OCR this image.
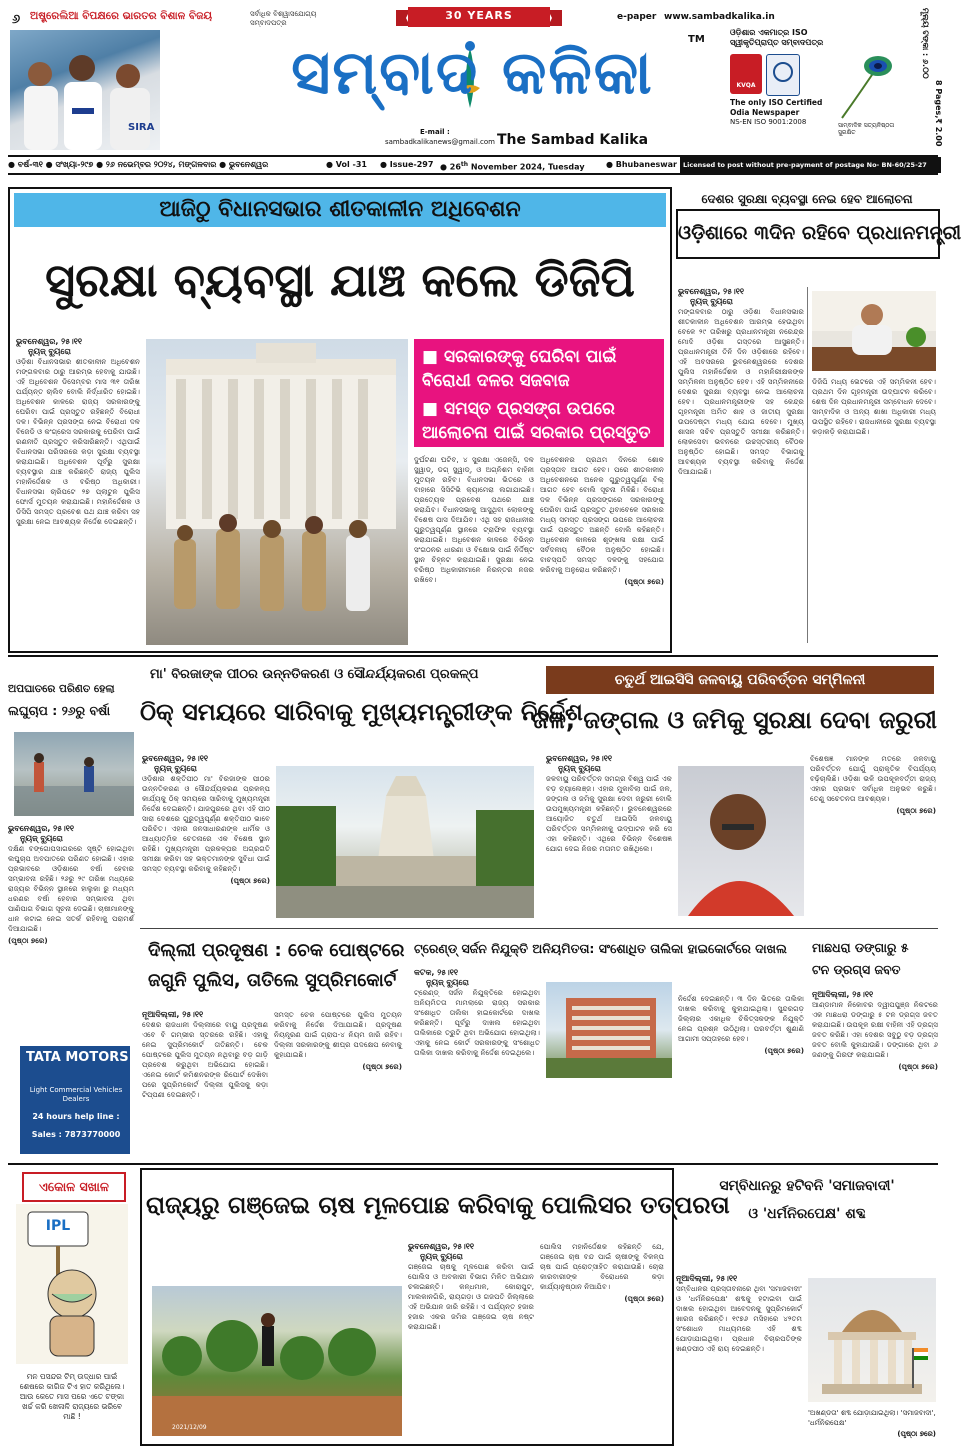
୬ ଅଷ୍ଟ୍ରେଲିଆ ବିପକ୍ଷରେ ଭାରତର ବିଶାଳ ବିଜୟ
SIRA
30 YEARS
ସର୍ବାଧିକ ବିଶ୍ୱାସଯୋଗ୍ୟ ସମ୍ବାଦପତ୍ର
ସମ୍ବାଦ କଳିକା	TM
E-mail :
sambadkalikanews@gmail.com The Sambad Kalika
e-paper www.sambadkalika.in
ଓଡ଼ିଶାର ଏକମାତ୍ର ISO ସ୍ୱୀକୃତିପ୍ରାପ୍ତ ସମ୍ବାଦପତ୍ର
KVQA
The only ISO Certified
Odia Newspaper
NS-EN ISO 9001:2008	ସାମ୍ବାଦିକ ସତ୍ୟନିଷ୍ଠତା ସୁରକ୍ଷିତ
ମୂଲ୍ୟ ଟଙ୍କା : ୬.୦୦
8 Pages,₹ 2.00
● ବର୍ଷ-୩୧ ● ସଂଖ୍ୟା-୨୯୭ ● ୨୬ ନଭେମ୍ବର ୨୦୨୪, ମଙ୍ଗଳବାର ● ଭୁବନେଶ୍ୱର	● Vol -31 ● Issue-297 ● 26th November 2024, Tuesday	● Bhubaneswar Licensed to post without pre-payment of postage No- BN-60/25-27
ଆଜିଠୁ ବିଧାନସଭାର ଶୀତକାଳୀନ ଅଧିବେଶନ
ସୁରକ୍ଷା ବ୍ୟବସ୍ଥା ଯାଞ୍ଚ କଲେ ଡିଜିପି
ଭୁବନେଶ୍ୱର, ୨୫।୧୧
ନ୍ୟୁଜ୍ ବ୍ୟୁରୋ

ଓଡ଼ିଶା ବିଧାନସଭାର ଶୀତକାଳୀନ ଅଧିବେଶନ ମଙ୍ଗଳବାର ଠାରୁ ଆରମ୍ଭ ହେବାକୁ ଯାଉଛି। ଏହି ଅଧିବେଶନ ଡିସେମ୍ବର ମାସ ୩୧ ତାରିଖ ପର୍ଯ୍ୟନ୍ତ ଚାଲିବ ବୋଲି ନିର୍ଦ୍ଧାରିତ ହୋଇଛି। ଅଧିବେଶନ କାଳରେ ରାଜ୍ୟ ସରକାରଙ୍କୁ ଘେରିବା ପାଇଁ ପ୍ରସ୍ତୁତ ରହିଛନ୍ତି ବିରୋଧୀ ଦଳ। ବିଭିନ୍ନ ପ୍ରସଙ୍ଗ ନେଇ ବିରୋଧୀ ଦଳ ବିଜେଡି ଓ କଂଗ୍ରେସ ସରକାରକୁ ଘେରିବା ପାଇଁ ରଣନୀତି ପ୍ରସ୍ତୁତ କରିସାରିଛନ୍ତି। ଏଥିପାଇଁ ବିଧାନସଭା ପରିସରରେ କଡ଼ା ସୁରକ୍ଷା ବ୍ୟବସ୍ଥା କରାଯାଇଛି। ଅଧିବେଶନ ପୂର୍ବରୁ ସୁରକ୍ଷା ବ୍ୟବସ୍ଥାର ଯାଞ୍ଚ କରିଛନ୍ତି ରାଜ୍ୟ ପୁଲିସ ମହାନିର୍ଦ୍ଦେଶକ ଓ ବରିଷ୍ଠ ଅଧିକାରୀ। ବିଧାନସଭା ଚାରିପଟେ ୨୭ ପ୍ଲାଟୁନ ପୁଲିସ ଫୋର୍ସ ମୁତୟନ କରାଯାଇଛି। ମହାନିର୍ଦ୍ଦେଶକ ଓ ଡିସିପି ସମସ୍ତ ପ୍ରବେଶ ପଥ ଯାଞ୍ଚ କରିବା ସହ ସୁରକ୍ଷା ନେଇ ଆବଶ୍ୟକ ନିର୍ଦ୍ଦେଶ ଦେଇଛନ୍ତି।

■ ସରକାରଙ୍କୁ ଘେରିବା ପାଇଁ ବିରୋଧୀ ଦଳର ସଜବାଜ
■ ସମସ୍ତ ପ୍ରସଙ୍ଗ ଉପରେ ଆଲୋଚନା ପାଇଁ ସରକାର ପ୍ରସ୍ତୁତ

ଦୁର୍ଘଟଣା ଘଟିବ, ୪ ସୁରକ୍ଷା ଏଜେନ୍ସି, ଦଳ ସ୍କ୍ୱାଡ୍, ଡଗ୍ ସ୍କ୍ୱାଡ୍, ଓ ଅଗ୍ନିଶମ ବାହିନୀ ମୁତୟନ ରହିବ। ବିଧାନସଭା ଭିତରେ ଓ ବାହାରେ ସିସିଟିଭି କ୍ୟାମେରା ଲଗାଯାଇଛି। ପ୍ରତ୍ୟେକ ପ୍ରବେଶ ପଥରେ ଯାଞ୍ଚ କରାଯିବ। ବିଧାନସଭାକୁ ଆସୁଥିବା ଲୋକଙ୍କୁ ବିଶେଷ ପାସ ଦିଆଯିବ। ଏଥି ସହ ରାଜଧାନୀର ଗୁରୁତ୍ୱପୂର୍ଣ୍ଣ ସ୍ଥାନରେ ଟ୍ରାଫିକ ବ୍ୟବସ୍ଥା କରାଯାଇଛି। ଅଧିବେଶନ କାଳରେ ବିଭିନ୍ନ ସଂଗଠନର ଧାରଣା ଓ ବିକ୍ଷୋଭ ପାଇଁ ନିର୍ଦ୍ଦିଷ୍ଟ ସ୍ଥାନ ଚିହ୍ନଟ କରାଯାଇଛି। ସୁରକ୍ଷା ନେଇ ବରିଷ୍ଠ ଅଧିକାରୀମାନେ ନିରନ୍ତର ନଜର ରଖିବେ।

ଅଧିବେଶନର ପ୍ରଥମ ଦିନରେ ଶୋକ ପ୍ରସ୍ତାବ ଆଗତ ହେବ। ପରେ ଶୀତକାଳୀନ ଅଧିବେଶନରେ ଅନେକ ଗୁରୁତ୍ୱପୂର୍ଣ୍ଣ ବିଲ୍ ଆଗତ ହେବ ବୋଲି ସୂଚନା ମିଳିଛି। ବିରୋଧୀ ଦଳ ବିଭିନ୍ନ ପ୍ରସଙ୍ଗରେ ସରକାରଙ୍କୁ ଘେରିବା ପାଇଁ ପ୍ରସ୍ତୁତ ଥିବାବେଳେ ସରକାର ମଧ୍ୟ ସମସ୍ତ ପ୍ରସଙ୍ଗ ଉପରେ ଆଲୋଚନା ପାଇଁ ପ୍ରସ୍ତୁତ ଅଛନ୍ତି ବୋଲି କହିଛନ୍ତି। ଅଧିବେଶନ କାଳରେ ଶୃଙ୍ଖଳା ରକ୍ଷା ପାଇଁ ସର୍ବଦଳୀୟ ବୈଠକ ଅନୁଷ୍ଠିତ ହୋଇଛି। ବାଚସ୍ପତି ସମସ୍ତ ଦଳଙ୍କୁ ସହଯୋଗ କରିବାକୁ ଅନୁରୋଧ କରିଛନ୍ତି।

(ପୃଷ୍ଠା ୭ରେ)
ଦେଶର ସୁରକ୍ଷା ବ୍ୟବସ୍ଥା ନେଇ ହେବ ଆଲୋଚନା
ଓଡ଼ିଶାରେ ୩ଦିନ ରହିବେ ପ୍ରଧାନମନ୍ତ୍ରୀ
ଭୁବନେଶ୍ୱର, ୨୫।୧୧
ନ୍ୟୁଜ୍ ବ୍ୟୁରୋ

ମଙ୍ଗଳବାର ଠାରୁ ଓଡ଼ିଶା ବିଧାନସଭାର ଶୀତକାଳୀନ ଅଧିବେଶନ ଆରମ୍ଭ ହେଉଥିବା ବେଳେ ୨୯ ତାରିଖରୁ ପ୍ରଧାନମନ୍ତ୍ରୀ ନରେନ୍ଦ୍ର ମୋଦି ଓଡ଼ିଶା ଗସ୍ତରେ ଆସୁଛନ୍ତି। ପ୍ରଧାନମନ୍ତ୍ରୀ ତିନି ଦିନ ଓଡ଼ିଶାରେ ରହିବେ। ଏହି ଅବସରରେ ଭୁବନେଶ୍ୱରରେ ଦେଶର ପୁଲିସ ମହାନିର୍ଦ୍ଦେଶକ ଓ ମହାନିରୀକ୍ଷକଙ୍କ ସମ୍ମିଳନୀ ଅନୁଷ୍ଠିତ ହେବ। ଏହି ସମ୍ମିଳନୀରେ ଦେଶର ସୁରକ୍ଷା ବ୍ୟବସ୍ଥା ନେଇ ଆଲୋଚନା ହେବ। ପ୍ରଧାନମନ୍ତ୍ରୀଙ୍କ ସହ କେନ୍ଦ୍ର ଗୃହମନ୍ତ୍ରୀ ଅମିତ ଶାହ ଓ ଜାତୀୟ ସୁରକ୍ଷା ଉପଦେଷ୍ଟା ମଧ୍ୟ ଯୋଗ ଦେବେ। ମୁଖ୍ୟ ଶାସନ ସଚିବ ପ୍ରସ୍ତୁତି ସମୀକ୍ଷା କରିଛନ୍ତି। ଲୋକସେବା ଭବନରେ ଉଚ୍ଚସ୍ତରୀୟ ବୈଠକ ଅନୁଷ୍ଠିତ ହୋଇଛି। ସମସ୍ତ ବିଭାଗକୁ ଆବଶ୍ୟକ ବ୍ୟବସ୍ଥା କରିବାକୁ ନିର୍ଦ୍ଦେଶ ଦିଆଯାଇଛି।

ଡିଜିପି ମଧ୍ୟ ଭେଟରେ ଏହି ସମ୍ମିଳନୀ ହେବ। ପ୍ରଥମ ଦିନ ଗୃହମନ୍ତ୍ରୀ ଉଦ୍‌ଘାଟନ କରିବେ। ଶେଷ ଦିନ ପ୍ରଧାନମନ୍ତ୍ରୀ ସମ୍ବୋଧନ ଦେବେ। ସାମ୍ବାଦିକ ଓ ଅନ୍ୟ ଶାଖା ଅଧିକାରୀ ମଧ୍ୟ ଉପସ୍ଥିତ ରହିବେ। ରାଜଧାନୀରେ ସୁରକ୍ଷା ବ୍ୟବସ୍ଥା କଡ଼ାକଡ଼ି କରାଯାଇଛି।

ଅପଘାତରେ ପରିଣତ ହେଲା
ଲଘୁଚାପ : ୨୬ରୁ ବର୍ଷା
ଭୁବନେଶ୍ୱର, ୨୫।୧୧
ନ୍ୟୁଜ୍ ବ୍ୟୁରୋ

ଦକ୍ଷିଣ ବଙ୍ଗୋପସାଗରରେ ସୃଷ୍ଟି ହୋଇଥିବା ଲଘୁଚାପ ଅବପାତରେ ପରିଣତ ହୋଇଛି। ଏହାର ପ୍ରଭାବରେ ଓଡ଼ିଶାରେ ବର୍ଷା ହେବାର ସମ୍ଭାବନା ରହିଛି। ୨୬ରୁ ୨୯ ତାରିଖ ମଧ୍ୟରେ ରାଜ୍ୟର ବିଭିନ୍ନ ସ୍ଥାନରେ ହାଲୁକା ରୁ ମଧ୍ୟମ ଧରଣର ବର୍ଷା ହେବାର ସମ୍ଭାବନା ଥିବା ପାଣିପାଗ ବିଭାଗ ସୂଚନା ଦେଇଛି। ଚାଷୀମାନଙ୍କୁ ଧାନ କଟାଇ ନେଇ ସତର୍କ ରହିବାକୁ ପରାମର୍ଶ ଦିଆଯାଇଛି।

(ପୃଷ୍ଠା ୭ରେ)
TATA MOTORS
Light Commercial Vehicles Dealers
24 hours help line :
Sales : 7873770000
ମା' ବିରଜାଙ୍କ ପୀଠର ଉନ୍ନତିକରଣ ଓ ସୌନ୍ଦର୍ଯ୍ୟକରଣ ପ୍ରକଳ୍ପ
ଠିକ୍ ସମୟରେ ସାରିବାକୁ ମୁଖ୍ୟମନ୍ତ୍ରୀଙ୍କ ନିର୍ଦ୍ଦେଶ
ଭୁବନେଶ୍ୱର, ୨୫।୧୧
ନ୍ୟୁଜ୍ ବ୍ୟୁରୋ

ଓଡ଼ିଶାର ଶକ୍ତିପୀଠ ମା' ବିରଜାଙ୍କ ପୀଠର ଉନ୍ନତିକରଣ ଓ ସୌନ୍ଦର୍ଯ୍ୟକରଣ ପ୍ରକଳ୍ପ କାର୍ଯ୍ୟକୁ ଠିକ୍ ସମୟରେ ସାରିବାକୁ ମୁଖ୍ୟମନ୍ତ୍ରୀ ନିର୍ଦ୍ଦେଶ ଦେଇଛନ୍ତି। ଯାଜପୁରରେ ଥିବା ଏହି ପୀଠ ସାରା ଦେଶରେ ଗୁରୁତ୍ୱପୂର୍ଣ୍ଣ ଶକ୍ତିପୀଠ ଭାବେ ପରିଚିତ। ଏହାର ଜନସାଧାରଣଙ୍କ ଧାର୍ମିକ ଓ ଆଧ୍ୟାତ୍ମିକ ଚେତନାରେ ଏକ ବିଶେଷ ସ୍ଥାନ ରହିଛି। ମୁଖ୍ୟମନ୍ତ୍ରୀ ପ୍ରକଳ୍ପର ଅଗ୍ରଗତି ସମୀକ୍ଷା କରିବା ସହ ଭକ୍ତମାନଙ୍କ ସୁବିଧା ପାଇଁ ସମସ୍ତ ବ୍ୟବସ୍ଥା କରିବାକୁ କହିଛନ୍ତି।

(ପୃଷ୍ଠା ୭ରେ)
ଚତୁର୍ଥ ଆଇସିସି ଜଳବାୟୁ ପରିବର୍ତ୍ତନ ସମ୍ମିଳନୀ
ଜଳ, ଜଙ୍ଗଲ ଓ ଜମିକୁ ସୁରକ୍ଷା ଦେବା ଜରୁରୀ
ଭୁବନେଶ୍ୱର, ୨୫।୧୧
ନ୍ୟୁଜ୍ ବ୍ୟୁରୋ

ଜଳବାୟୁ ପରିବର୍ତ୍ତନ ସମଗ୍ର ବିଶ୍ୱ ପାଇଁ ଏକ ବଡ଼ ଚ୍ୟାଲେଞ୍ଜ। ଏହାର ମୁକାବିଲା ପାଇଁ ଜଳ, ଜଙ୍ଗଲ ଓ ଜମିକୁ ସୁରକ୍ଷା ଦେବା ଜରୁରୀ ବୋଲି ଉପମୁଖ୍ୟମନ୍ତ୍ରୀ କହିଛନ୍ତି। ଭୁବନେଶ୍ୱରରେ ଆୟୋଜିତ ଚତୁର୍ଥ ଆଇସିସି ଜଳବାୟୁ ପରିବର୍ତ୍ତନ ସମ୍ମିଳନୀକୁ ଉଦ୍‌ଘାଟନ କରି ସେ ଏହା କହିଛନ୍ତି। ଏଥିରେ ବିଭିନ୍ନ ବିଶେଷଜ୍ଞ ଯୋଗ ଦେଇ ନିଜର ମତାମତ ରଖିଥିଲେ।

ବିଶେଷଜ୍ଞ ମାନଙ୍କ ମତରେ ଜଳବାୟୁ ପରିବର୍ତ୍ତନ ଯୋଗୁଁ ପ୍ରାକୃତିକ ବିପର୍ଯ୍ୟୟ ବଢ଼ିଚାଲିଛି। ଓଡ଼ିଶା ଭଳି ଉପକୂଳବର୍ତ୍ତୀ ରାଜ୍ୟ ଏହାର ପ୍ରଭାବ ସର୍ବାଧିକ ଅନୁଭବ କରୁଛି। ତେଣୁ ସଚେତନତା ଆବଶ୍ୟକ।

(ପୃଷ୍ଠା ୭ରେ)
ଦିଲ୍ଲୀ ପ୍ରଦୂଷଣ : ଚେକ ପୋଷ୍ଟରେ
ଜଗୁନି ପୁଲିସ, ତାତିଲେ ସୁପ୍ରିମକୋର୍ଟ
ନୂଆଦିଲ୍ଲୀ, ୨୫।୧୧

ଦେଶର ରାଜଧାନୀ ଦିଲ୍ଲୀରେ ବାୟୁ ପ୍ରଦୂଷଣ ଏବେ ବି ଗମ୍ଭୀର ସ୍ତରରେ ରହିଛି। ଏହାକୁ ନେଇ ସୁପ୍ରିମକୋର୍ଟ ତାତିଛନ୍ତି। ଚେକ ପୋଷ୍ଟରେ ପୁଲିସ ମୁତୟନ ନଥିବାରୁ ବଡ଼ ଗାଡ଼ି ପ୍ରବେଶ କରୁଥିବା ଅଭିଯୋଗ ହୋଇଛି। ଏନେଇ କୋର୍ଟ କମିଶନରଙ୍କ ରିପୋର୍ଟ ଦେଖିବା ପରେ ସୁପ୍ରିମକୋର୍ଟ ଦିଲ୍ଲୀ ପୁଲିସକୁ କଡ଼ା ଟିପ୍ପଣୀ ଦେଇଛନ୍ତି।

ସମସ୍ତ ଚେକ ପୋଷ୍ଟରେ ପୁଲିସ ମୁତୟନ କରିବାକୁ ନିର୍ଦ୍ଦେଶ ଦିଆଯାଇଛି। ପ୍ରଦୂଷଣ ନିୟନ୍ତ୍ରଣ ପାଇଁ ଗ୍ରାପ-୪ ନିୟମ ଜାରି ରହିବ। ଦିଲ୍ଲୀ ସରକାରଙ୍କୁ ଶୀଘ୍ର ପଦକ୍ଷେପ ନେବାକୁ କୁହାଯାଇଛି।

(ପୃଷ୍ଠା ୭ରେ)
ଟ୍ରେଣ୍ଡ୍ ସର୍ଜନ ନିଯୁକ୍ତି ଅନିୟମିତତା: ସଂଶୋଧିତ ତାଲିକା ହାଇକୋର୍ଟରେ ଦାଖଲ
କଟକ, ୨୫।୧୧
ନ୍ୟୁଜ୍ ବ୍ୟୁରୋ

ଟ୍ରେଣ୍ଡ୍ ସର୍ଜନ ନିଯୁକ୍ତିରେ ହୋଇଥିବା ଅନିୟମିତତା ମାମଲାରେ ରାଜ୍ୟ ସରକାର ସଂଶୋଧିତ ତାଲିକା ହାଇକୋର୍ଟରେ ଦାଖଲ କରିଛନ୍ତି। ପୂର୍ବରୁ ଦାଖଲ ହୋଇଥିବା ତାଲିକାରେ ତ୍ରୁଟି ଥିବା ଅଭିଯୋଗ ହୋଇଥିଲା। ଏହାକୁ ନେଇ କୋର୍ଟ ସରକାରଙ୍କୁ ସଂଶୋଧିତ ତାଲିକା ଦାଖଲ କରିବାକୁ ନିର୍ଦ୍ଦେଶ ଦେଇଥିଲେ।

ନିର୍ଦ୍ଦେଶ ଦେଇଛନ୍ତି। ୩ ଦିନ ଭିତରେ ତାଲିକା ଦାଖଲ କରିବାକୁ କୁହାଯାଇଥିଲା। ସୁନ୍ଦରଗଡ଼ ଜିଲ୍ଲାର ଏକାଧିକ ଚିକିତ୍ସକଙ୍କ ନିଯୁକ୍ତି ନେଇ ପ୍ରଶ୍ନ ଉଠିଥିଲା। ପରବର୍ତ୍ତୀ ଶୁଣାଣି ଆଗାମୀ ସପ୍ତାହରେ ହେବ।

(ପୃଷ୍ଠା ୭ରେ)
ମାଛଧରା ଡଙ୍ଗାରୁ ୫
ଟନ ଡ୍ରଗ୍ସ ଜବତ
ନୂଆଦିଲ୍ଲୀ, ୨୫।୧୧

ଆଣ୍ଡାମାନ ନିକୋବର ଦ୍ୱୀପପୁଞ୍ଜ ନିକଟରେ ଏକ ମାଛଧରା ଡଙ୍ଗାରୁ ୫ ଟନ ଡ୍ରଗ୍ସ ଜବତ କରାଯାଇଛି। ଉପକୂଳ ରକ୍ଷୀ ବାହିନୀ ଏହି ଡ୍ରଗ୍ସ ଜବତ କରିଛି। ଏହା ଦେଶର ସବୁଠୁ ବଡ଼ ଡ୍ରଗ୍ସ ଜବତ ବୋଲି କୁହାଯାଉଛି। ଡଙ୍ଗାରେ ଥିବା ୬ ଜଣଙ୍କୁ ଗିରଫ କରାଯାଇଛି।

(ପୃଷ୍ଠା ୭ରେ)
ଏକୋଳ ସଖାଳ
IPL
ମନ ପସନ୍ଦର ଟିମ୍ ଉଦ୍ଧାର ପାଇଁ ଶେଷରେ କାଗିଜ ଟିଏ ହାତ କରିଥିଲେ। ଆଉ କେତେ ମାସ ପରେ ଏତେ ଟଙ୍କା ଖର୍ଚ୍ଚ କରି ଖେଳାଳି ରାଜ୍ୟରେ ଭରିବେ ମାଛି !
ରାଜ୍ୟରୁ ଗଞ୍ଜେଇ ଚାଷ ମୂଳପୋଛ କରିବାକୁ ପୋଲିସର ତତ୍ପରତା
2021/12/09
ଭୁବନେଶ୍ୱର, ୨୫।୧୧
ନ୍ୟୁଜ୍ ବ୍ୟୁରୋ

ଗଞ୍ଜେଇ ଚାଷକୁ ମୂଳପୋଛ କରିବା ପାଇଁ ପୋଲିସ ଓ ଅବକାରୀ ବିଭାଗ ମିଳିତ ଅଭିଯାନ ଚଳାଇଛନ୍ତି। କନ୍ଧମାଳ, କୋରାପୁଟ, ମାଲକାନଗିରି, ରାୟଗଡ଼ା ଓ ଗଜପତି ଜିଲ୍ଲାରେ ଏହି ଅଭିଯାନ ଜାରି ରହିଛି। ଏ ପର୍ଯ୍ୟନ୍ତ ହଜାର ହଜାର ଏକର ଜମିର ଗଞ୍ଜେଇ ଚାଷ ନଷ୍ଟ କରାଯାଇଛି।

ପୋଲିସ ମହାନିର୍ଦ୍ଦେଶକ କହିଛନ୍ତି ଯେ, ଗଞ୍ଜେଇ ଚାଷ ବନ୍ଦ ପାଇଁ ଚାଷୀଙ୍କୁ ବିକଳ୍ପ ଚାଷ ପାଇଁ ପ୍ରୋତ୍ସାହିତ କରାଯାଉଛି। ଚୋରା କାରବାରୀଙ୍କ ବିରୋଧରେ କଡ଼ା କାର୍ଯ୍ୟାନୁଷ୍ଠାନ ନିଆଯିବ।

(ପୃଷ୍ଠା ୭ରେ)
ସମ୍ବିଧାନରୁ ହଟିବନି 'ସମାଜବାଦୀ'
ଓ 'ଧର୍ମନିରପେକ୍ଷ' ଶବ୍ଦ
ନୂଆଦିଲ୍ଲୀ, ୨୫।୧୧

ସମ୍ବିଧାନର ପ୍ରସ୍ତାବନାରେ ଥିବା 'ସମାଜବାଦୀ' ଓ 'ଧର୍ମନିରପେକ୍ଷ' ଶବ୍ଦକୁ ହଟାଇବା ପାଇଁ ଦାଖଲ ହୋଇଥିବା ଆବେଦନକୁ ସୁପ୍ରିମକୋର୍ଟ ଖାରଜ କରିଛନ୍ତି। ୧୯୭୬ ମସିହାରେ ୪୨ତମ ସଂଶୋଧନ ମାଧ୍ୟମରେ ଏହି ଶବ୍ଦ ଯୋଡ଼ାଯାଇଥିଲା। ପ୍ରଧାନ ବିଚାରପତିଙ୍କ ଖଣ୍ଡପୀଠ ଏହି ରାୟ ଦେଇଛନ୍ତି।

'ଅଖଣ୍ଡତା' ଶବ୍ଦ ଯୋଡ଼ାଯାଇଥିଲା। 'ସମାଜବାଦୀ', 'ଧର୍ମନିରପେକ୍ଷ'
(ପୃଷ୍ଠା ୭ରେ)
